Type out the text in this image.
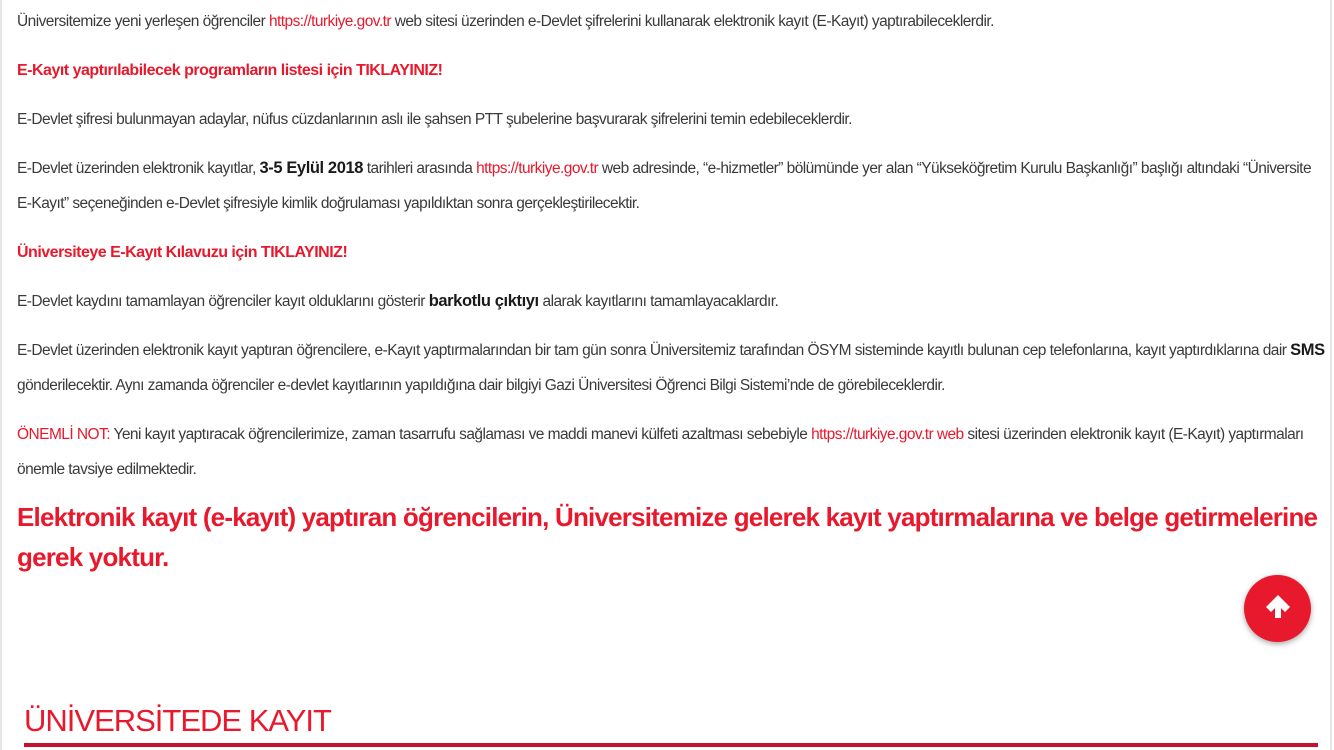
Üniversitemize yeni yerleşen öğrenciler https://turkiye.gov.tr web sitesi üzerinden e-Devlet şifrelerini kullanarak elektronik kayıt (E-Kayıt) yaptırabileceklerdir.

E-Kayıt yaptırılabilecek programların listesi için TIKLAYINIZ!

E-Devlet şifresi bulunmayan adaylar, nüfus cüzdanlarının aslı ile şahsen PTT şubelerine başvurarak şifrelerini temin edebileceklerdir.

E-Devlet üzerinden elektronik kayıtlar, 3-5 Eylül 2018 tarihleri arasında https://turkiye.gov.tr web adresinde, “e-hizmetler” bölümünde yer alan “Yükseköğretim Kurulu Başkanlığı” başlığı altındaki “Üniversite E-Kayıt” seçeneğinden e-Devlet şifresiyle kimlik doğrulaması yapıldıktan sonra gerçekleştirilecektir.

Üniversiteye E-Kayıt Kılavuzu için TIKLAYINIZ!

E-Devlet kaydını tamamlayan öğrenciler kayıt olduklarını gösterir barkotlu çıktıyı alarak kayıtlarını tamamlayacaklardır.

E-Devlet üzerinden elektronik kayıt yaptıran öğrencilere, e-Kayıt yaptırmalarından bir tam gün sonra Üniversitemiz tarafından ÖSYM sisteminde kayıtlı bulunan cep telefonlarına, kayıt yaptırdıklarına dair SMS gönderilecektir. Aynı zamanda öğrenciler e-devlet kayıtlarının yapıldığına dair bilgiyi Gazi Üniversitesi Öğrenci Bilgi Sistemi’nde de görebileceklerdir.

ÖNEMLİ NOT: Yeni kayıt yaptıracak öğrencilerimize, zaman tasarrufu sağlaması ve maddi manevi külfeti azaltması sebebiyle https://turkiye.gov.tr web sitesi üzerinden elektronik kayıt (E-Kayıt) yaptırmaları önemle tavsiye edilmektedir.

Elektronik kayıt (e-kayıt) yaptıran öğrencilerin, Üniversitemize gelerek kayıt yaptırmalarına ve belge getirmelerine gerek yoktur.

ÜNİVERSİTEDE KAYIT
